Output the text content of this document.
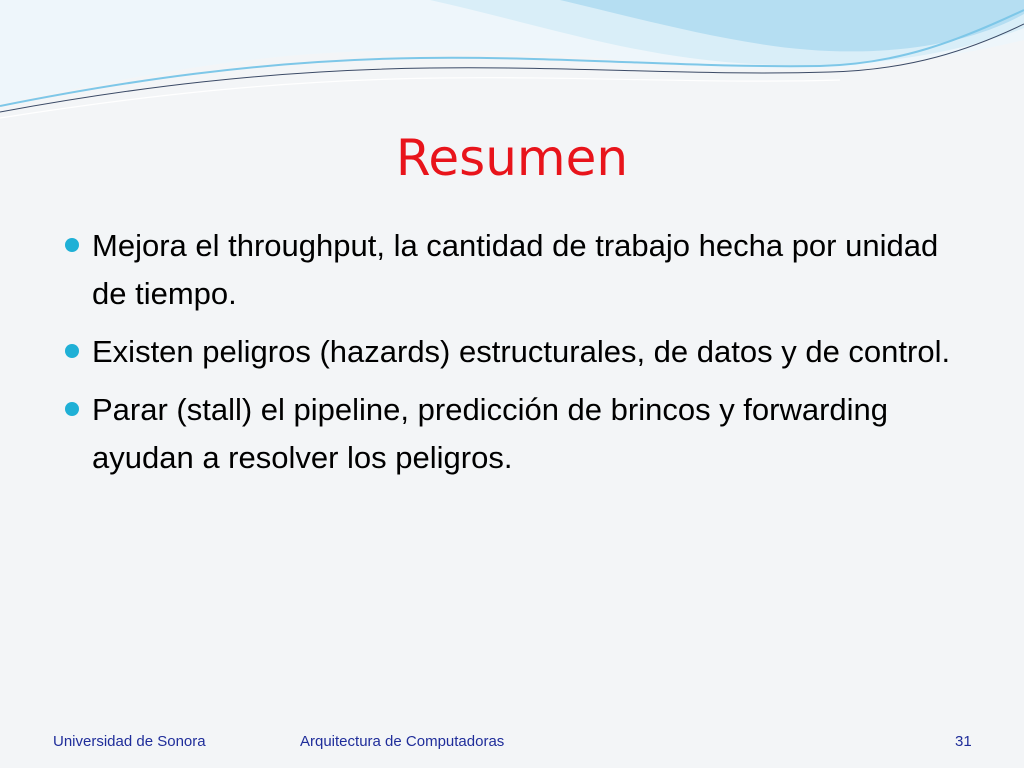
Resumen
Mejora el throughput, la cantidad de trabajo hecha por unidad de tiempo.
Existen peligros (hazards) estructurales, de datos y de control.
Parar (stall) el pipeline, predicción de brincos y forwarding ayudan a resolver los peligros.
Universidad de Sonora	Arquitectura de Computadoras	31
